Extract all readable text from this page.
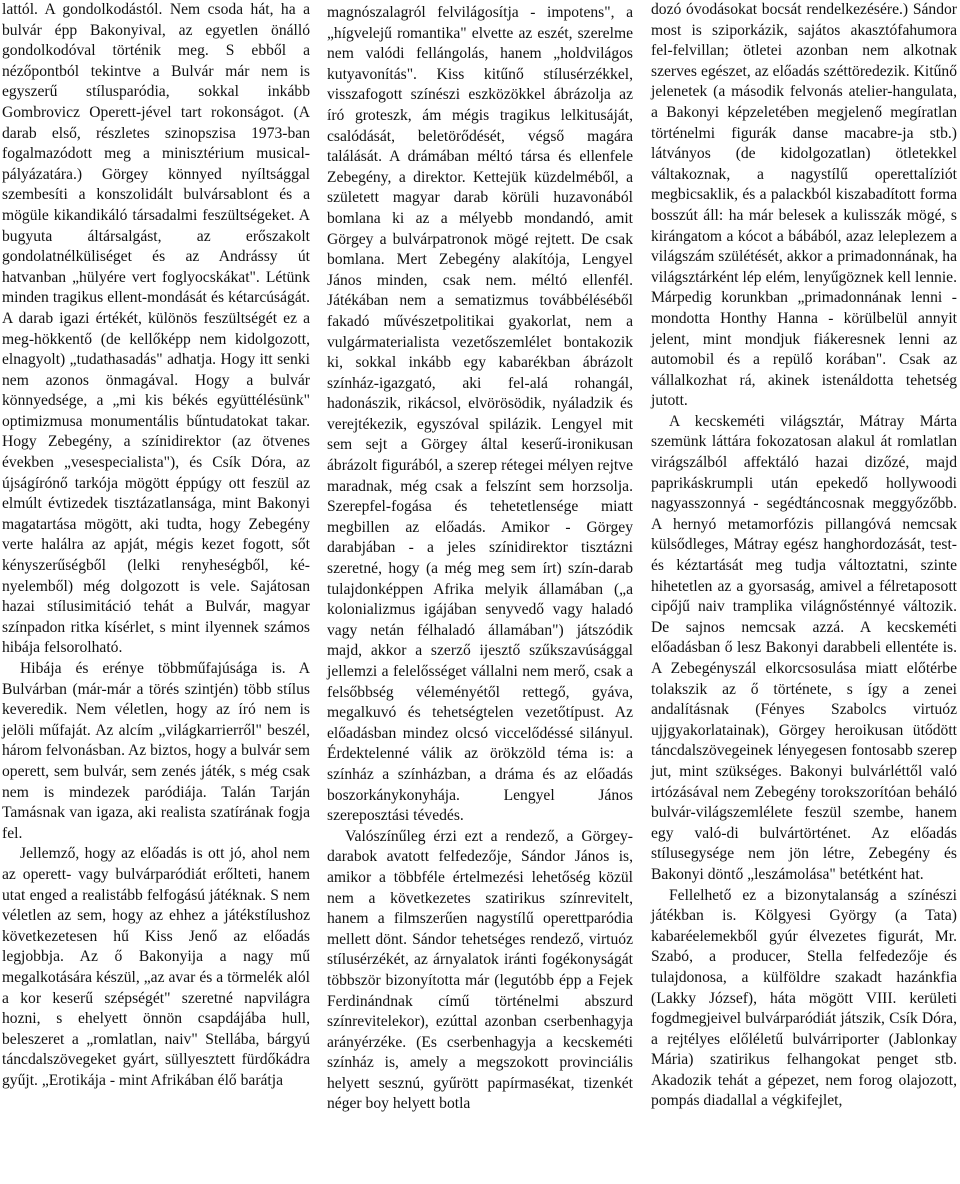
lattól. A gondolkodástól. Nem csoda hát, ha a bulvár épp Bakonyival, az egyetlen önálló gondolkodóval történik meg. S ebből a nézőpontból tekintve a Bulvár már nem is egyszerű stílusparódia, sokkal inkább Gombrovicz Operett-jével tart rokonságot. (A darab első, részletes szinopszisa 1973-ban fogalmazódott meg a minisztérium musical-pályázatára.) Görgey könnyed nyíltsággal szembesíti a konszolidált bulvársablont és a mögüle kikandikáló társadalmi feszültségeket. A bugyuta áltársalgást, az erőszakolt gondolatnélküliséget és az Andrássy út hatvanban „hülyére vert foglyocskákat". Létünk minden tragikus ellent-mondását és kétarcúságát. A darab igazi értékét, különös feszültségét ez a meg-hökkentő (de kellőképp nem kidolgozott, elnagyolt) „tudathasadás" adhatja. Hogy itt senki nem azonos önmagával. Hogy a bulvár könnyedsége, a „mi kis békés együttélésünk" optimizmusa monumentális bűntudatokat takar. Hogy Zebegény, a színidirektor (az ötvenes években „vesespecialista"), és Csík Dóra, az újságírónő tarkója mögött éppúgy ott feszül az elmúlt évtizedek tisztázatlansága, mint Bakonyi magatartása mögött, aki tudta, hogy Zebegény verte halálra az apját, mégis kezet fogott, sőt kényszerűségből (lelki renyheségből, ké-nyelemből) még dolgozott is vele. Sajátosan hazai stílusimitáció tehát a Bulvár, magyar színpadon ritka kísérlet, s mint ilyennek számos hibája felsorolható.

Hibája és erénye többműfajúsága is. A Bulvárban (már-már a törés szintjén) több stílus keveredik. Nem véletlen, hogy az író nem is jelöli műfaját. Az alcím „világkarrierről" beszél, három felvonásban. Az biztos, hogy a bulvár sem operett, sem bulvár, sem zenés játék, s még csak nem is mindezek paródiája. Talán Tarján Tamásnak van igaza, aki realista szatírának fogja fel.

Jellemző, hogy az előadás is ott jó, ahol nem az operett- vagy bulvárparódiát erőlteti, hanem utat enged a realistább felfogású játéknak. S nem véletlen az sem, hogy az ehhez a játékstílushoz következetesen hű Kiss Jenő az előadás legjobbja. Az ő Bakonyija a nagy mű megalkotására készül, „az avar és a törmelék alól a kor keserű szépségét" szeretné napvilágra hozni, s ehelyett önnön csapdájába hull, beleszeret a „romlatlan, naiv" Stellába, bárgyú táncdalszövegeket gyárt, süllyesztett fürdőkádra gyűjt. „Erotikája - mint Afrikában élő barátja

magnószalagról felvilágosítja - impotens", a „hígvelejű romantika" elvette az eszét, szerelme nem valódi fellángolás, hanem „holdvilágos kutyavonítás". Kiss kitűnő stílusérzékkel, visszafogott színészi eszközökkel ábrázolja az író groteszk, ám mégis tragikus lelkitusáját, csalódását, beletörődését, végső magára találását. A drámában méltó társa és ellenfele Zebegény, a direktor. Kettejük küzdelméből, a született magyar darab körüli huzavonából bomlana ki az a mélyebb mondandó, amit Görgey a bulvárpatronok mögé rejtett. De csak bomlana. Mert Zebegény alakítója, Lengyel János minden, csak nem. méltó ellenfél. Játékában nem a sematizmus továbbéléséből fakadó művészetpolitikai gyakorlat, nem a vulgármaterialista vezetőszemlélet bontakozik ki, sokkal inkább egy kabarékban ábrázolt színház-igazgató, aki fel-alá rohangál, hadonászik, rikácsol, elvörösödik, nyáladzik és verejtékezik, egyszóval spilázik. Lengyel mit sem sejt a Görgey által keserű-ironikusan ábrázolt figurából, a szerep rétegei mélyen rejtve maradnak, még csak a felszínt sem horzsolja. Szerepfel-fogása és tehetetlensége miatt megbillen az előadás. Amikor - Görgey darabjában - a jeles színidirektor tisztázni szeretné, hogy (a még meg sem írt) szín-darab tulajdonképpen Afrika melyik államában („a kolonializmus igájában senyvedő vagy haladó vagy netán félhaladó államában") játszódik majd, akkor a szerző ijesztő szűkszavúsággal jellemzi a felelősséget vállalni nem merő, csak a felsőbbség véleményétől rettegő, gyáva, megalkuvó és tehetségtelen vezetőtípust. Az előadásban mindez olcsó viccelődéssé silányul. Érdektelenné válik az örökzöld téma is: a színház a színházban, a dráma és az előadás boszorkánykonyhája. Lengyel János szereposztási tévedés.

Valószínűleg érzi ezt a rendező, a Görgey-darabok avatott felfedezője, Sándor János is, amikor a többféle értelmezési lehetőség közül nem a következetes szatirikus színrevitelt, hanem a filmszerűen nagystílű operettparódia mellett dönt. Sándor tehetséges rendező, virtuóz stílusérzékét, az árnyalatok iránti fogékonyságát többször bizonyította már (legutóbb épp a Fejek Ferdinándnak című történelmi abszurd színrevitelekor), ezúttal azonban cserbenhagyja arányérzéke. (Es cserbenhagyja a kecskeméti színház is, amely a megszokott provinciális helyett sesznú, gyűrött papírmasékat, tizenkét néger boy helyett botla

dozó óvodásokat bocsát rendelkezésére.) Sándor most is sziporkázik, sajátos akasztófahumora fel-felvillan; ötletei azonban nem alkotnak szerves egészet, az előadás széttöredezik. Kitűnő jelenetek (a második felvonás atelier-hangulata, a Bakonyi képzeletében megjelenő megíratlan történelmi figurák danse macabre-ja stb.) látványos (de kidolgozatlan) ötletekkel váltakoznak, a nagystílű operettalíziót megbicsaklik, és a palackból kiszabadított forma bosszút áll: ha már belesek a kulisszák mögé, s kirángatom a kócot a bábából, azaz leleplezem a világszám szülétését, akkor a primadonnának, ha világsztárként lép elém, lenyűgöznek kell lennie. Márpedig korunkban „primadonnának lenni - mondotta Honthy Hanna - körülbelül annyit jelent, mint mondjuk fiákeresnek lenni az automobil és a repülő korában". Csak az vállalkozhat rá, akinek istenáldotta tehetség jutott.

A kecskeméti világsztár, Mátray Márta szemünk láttára fokozatosan alakul át romlatlan virágszálból affektáló hazai dizőzé, majd paprikáskrumpli után epekedő hollywoodi nagyasszonnyá - segédtáncosnak meggyőzőbb. A hernyó metamorfózis pillangóvá nemcsak külsődleges, Mátray egész hanghordozását, test-és kéztartását meg tudja változtatni, szinte hihetetlen az a gyorsaság, amivel a félretaposott cipőjű naiv tramplika világnősténnyé változik. De sajnos nemcsak azzá. A kecskeméti előadásban ő lesz Bakonyi darabbeli ellentéte is. A Zebegényszál elkorcsosulása miatt előtérbe tolakszik az ő története, s így a zenei andalításnak (Fényes Szabolcs virtuóz ujjgyakorlatainak), Görgey heroikusan ütődött táncdalszövegeinek lényegesen fontosabb szerep jut, mint szükséges. Bakonyi bulvárléttől való irtózásával nem Zebegény torokszorítóan beháló bulvár-világszemlélete feszül szembe, hanem egy való-di bulvártörténet. Az előadás stílusegysége nem jön létre, Zebegény és Bakonyi döntő „leszámolása" betétként hat.

Fellelhető ez a bizonytalanság a színészi játékban is. Kölgyesi György (a Tata) kabaréelemekből gyúr élvezetes figurát, Mr. Szabó, a producer, Stella felfedezője és tulajdonosa, a külföldre szakadt hazánkfia (Lakky József), háta mögött VIII. kerületi fogdmegjeivel bulvárparódiát játszik, Csík Dóra, a rejtélyes előléletű bulvárriporter (Jablonkay Mária) szatirikus felhangokat penget stb. Akadozik tehát a gépezet, nem forog olajozott, pompás diadallal a végkifejlet,
